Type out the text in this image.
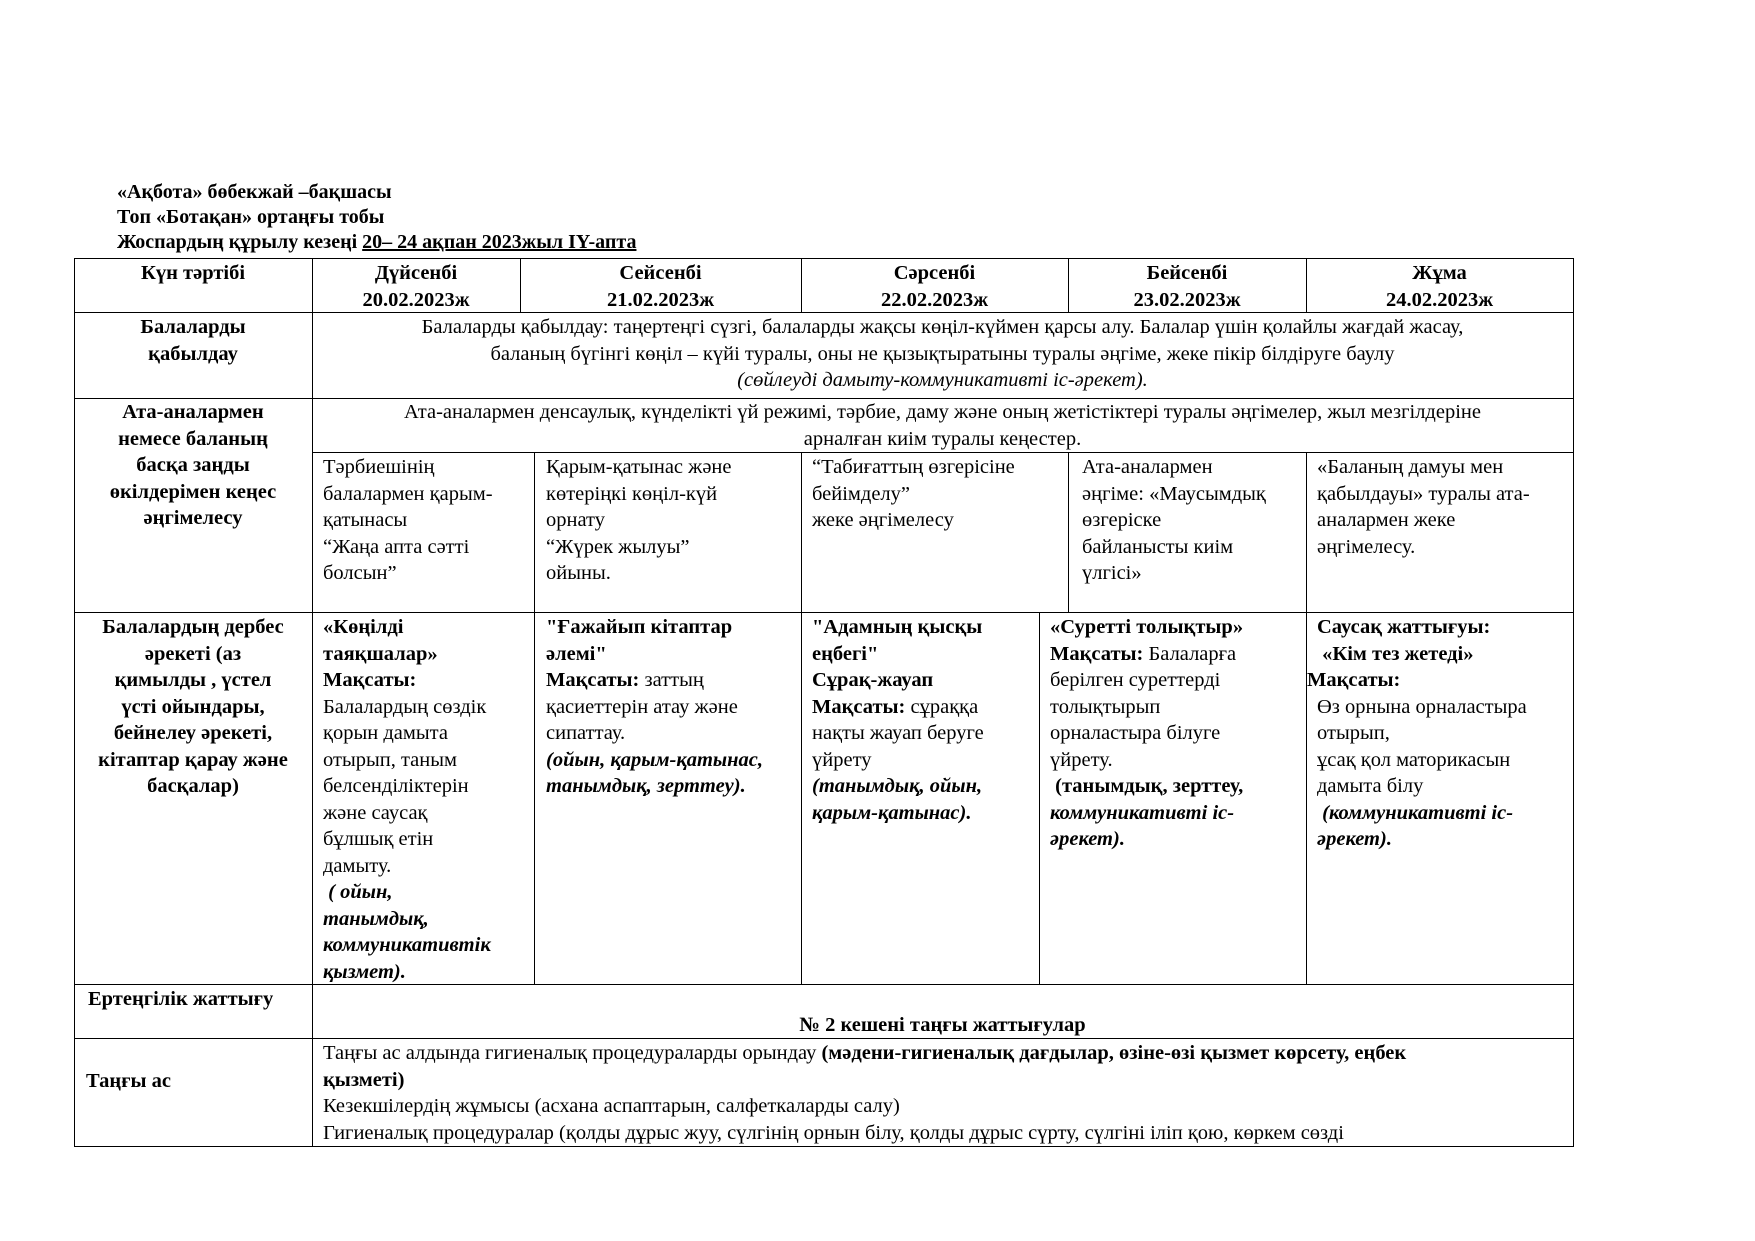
«Ақбота» бөбекжай –бақшасы
Топ «Ботақан» ортаңғы тобы
Жоспардың құрылу кезеңі 20– 24 ақпан 2023жыл IY-апта
Күн тәртібі	Дүйсенбі
20.02.2023ж
Сейсенбі
21.02.2023ж
Сәрсенбі
22.02.2023ж
Бейсенбі
23.02.2023ж
Жұма
24.02.2023ж
Балаларды
қабылдау
Балаларды қабылдау: таңертеңгі сүзгі, балаларды жақсы көңіл-күймен қарсы алу. Балалар үшін қолайлы жағдай жасау,
баланың бүгінгі көңіл – күйі туралы, оны не қызықтыратыны туралы әңгіме, жеке пікір білдіруге баулу
(сөйлеуді дамыту-коммуникативті іс-әрекет).
Ата-аналармен
немесе баланың
басқа заңды
өкілдерімен кеңес
әңгімелесу
Ата-аналармен денсаулық, күнделікті үй режимі, тәрбие, даму және оның жетістіктері туралы әңгімелер, жыл мезгілдеріне
арналған киім туралы кеңестер.
Тәрбиешінің
балалармен қарым-
қатынасы
“Жаңа апта сәтті
болсын”
Қарым-қатынас және
көтеріңкі көңіл-күй
орнату
“Жүрек жылуы”
ойыны.
“Табиғаттың өзгерісіне
бейімделу”
жеке әңгімелесу
Ата-аналармен
әңгіме: «Маусымдық
өзгеріске
байланысты киім
үлгісі»
«Баланың дамуы мен
қабылдауы» туралы ата-
аналармен жеке
әңгімелесу.
Балалардың дербес
әрекеті (аз
қимылды , үстел
үсті ойындары,
бейнелеу әрекеті,
кітаптар қарау және
басқалар)
«Көңілді
таяқшалар»
Мақсаты:
Балалардың сөздік
қорын дамыта
отырып, таным
белсенділіктерін
және саусақ
бұлшық етін
дамыту.
( ойын,
танымдық,
коммуникативтік
қызмет).
"Ғажайып кітаптар
әлемі"
Мақсаты: заттың
қасиеттерін атау және
сипаттау.
(ойын, қарым-қатынас,
танымдық, зерттеу).
"Адамның қысқы
еңбегі"
Сұрақ-жауап
Мақсаты: сұраққа
нақты жауап беруге
үйрету
(танымдық, ойын,
қарым-қатынас).
«Суретті толықтыр»
Мақсаты: Балаларға
берілген суреттерді
толықтырып
орналастыра білуге
үйрету.
(танымдық, зерттеу,
коммуникативті іс-
әрекет).
Саусақ жаттығуы:
«Кім тез жетеді»
Мақсаты:
Өз орнына орналастыра
отырып,
ұсақ қол маторикасын
дамыта білу
(коммуникативті іс-
әрекет).
Ертеңгілік жаттығу
№ 2 кешені таңғы жаттығулар
Таңғы ас
Таңғы ас алдында гигиеналық процедураларды орындау (мәдени-гигиеналық дағдылар, өзіне-өзі қызмет көрсету, еңбек
қызметі)
Кезекшілердің жұмысы (асхана аспаптарын, салфеткаларды салу)
Гигиеналық процедуралар (қолды дұрыс жуу, сүлгінің орнын білу, қолды дұрыс сүрту, сүлгіні іліп қою, көркем сөзді
